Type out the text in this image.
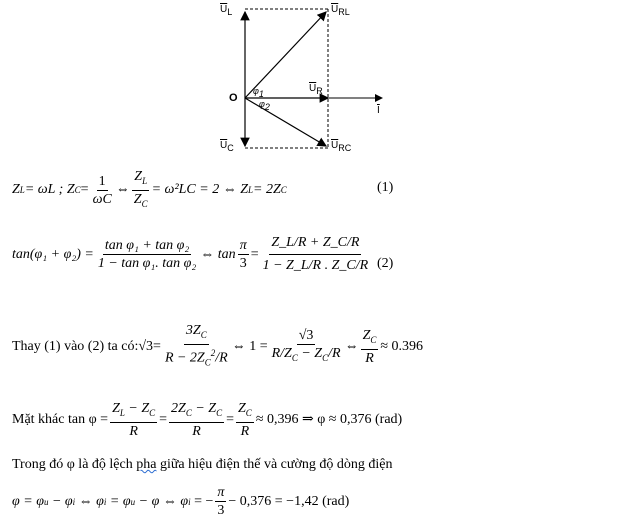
$\overline{U}_L$	$\overline{U}_{RL}$
$\overline{U}_R$
$\overline{U}_C$	$\overline{U}_{RC}$
$\overline{I}$
O
$\varphi_1$
$\varphi_2$
Z L = ωL ; Z $C = \frac{1}{\omega C}$ ⇔ $\frac{Z_L}{Z_C} = \omega^2LC = 2$ ⇔ Z L = 2Z C	(1)
$\tan(\varphi_1 + \varphi_2) = \frac{\text{tan φ₁ + tan φ₂}}{\text{1 − tan φ₁. tan φ₂}}$ ⇔ $\tan \frac{\pi}{3} = \frac{Z\_L/R + Z\_C/R}{1 - Z\_L/R . Z\_C/R} (2)$
Thay (1) vào (2) ta có: $√3 = \frac{3Z_C}{R - 2Z_C^2/R}$ ⇔ $1 = \frac{√3}{R/Z_C - Z_C/R}$ ⇔ $\frac{Z_C}{R} \approx 0.396$
Mặt khác $\tan \varphi = \frac{Z_L - Z_C}{R} = \frac{2Z_C - Z_C}{R} = \frac{Z_C}{R} \approx 0,396$ ⇒ φ ≈ 0,376 (rad)
Trong đó φ là độ lệch pha giữa hiệu điện thế và cường độ dòng điện
φ = φ u − φ i ⇔ φ i = φ u − φ ⇔ φ i = − $\frac{\pi}{3} - 0,376 = -1,42$ (rad)
